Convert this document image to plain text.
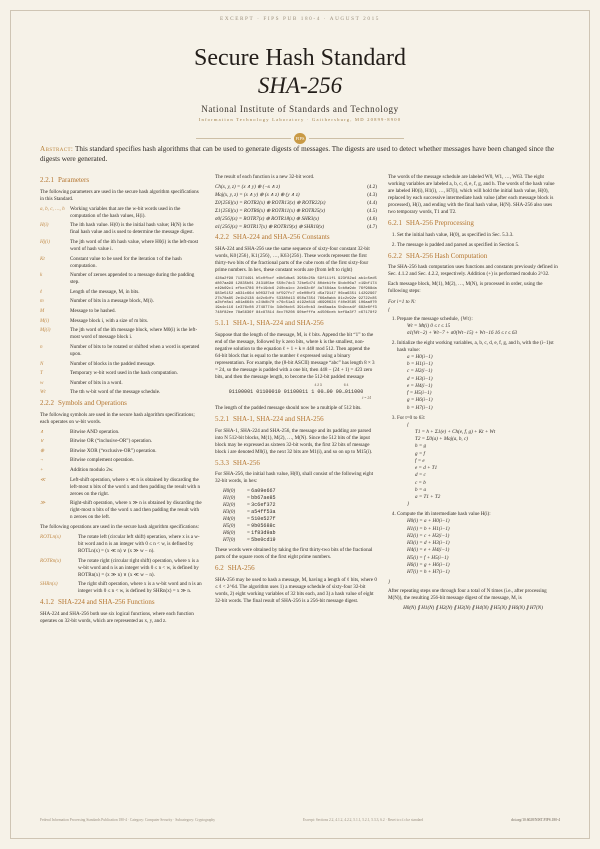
EXCERPT · FIPS PUB 180-4 · AUGUST 2015
Secure Hash Standard
SHA-256
National Institute of Standards and Technology
Information Technology Laboratory · Gaithersburg, MD 20899-8900
FIPS
Abstract: This standard specifies hash algorithms that can be used to generate digests of messages. The digests are used to detect whether messages have been changed since the digests were generated.
2.2.1 Parameters

The following parameters are used in the secure hash algorithm specifications in this Standard.

a, b, c, …, h	Working variables that are the w-bit words used in the computation of the hash values, H(i).
H(i)	The ith hash value. H(0) is the initial hash value; H(N) is the final hash value and is used to determine the message digest.
Hj(i)	The jth word of the ith hash value, where H0(i) is the left-most word of hash value i.
Kt	Constant value to be used for the iteration t of the hash computation.
k	Number of zeroes appended to a message during the padding step.
ℓ	Length of the message, M, in bits.
m	Number of bits in a message block, M(i).
M	Message to be hashed.
M(i)	Message block i, with a size of m bits.
Mj(i)	The jth word of the ith message block, where M0(i) is the left-most word of message block i.
n	Number of bits to be rotated or shifted when a word is operated upon.
N	Number of blocks in the padded message.
T	Temporary w-bit word used in the hash computation.
w	Number of bits in a word.
Wt	The tth w-bit word of the message schedule.
2.2.2 Symbols and Operations

The following symbols are used in the secure hash algorithm specifications; each operates on w-bit words.

∧	Bitwise AND operation.
∨	Bitwise OR (“inclusive-OR”) operation.
⊕	Bitwise XOR (“exclusive-OR”) operation.
¬	Bitwise complement operation.
+	Addition modulo 2w.
≪	Left-shift operation, where x ≪ n is obtained by discarding the left-most n bits of the word x and then padding the result with n zeroes on the right.
≫	Right-shift operation, where x ≫ n is obtained by discarding the right-most n bits of the word x and then padding the result with n zeroes on the left.

The following operations are used in the secure hash algorithm specifications:

ROTLn(x)	The rotate left (circular left shift) operation, where x is a w-bit word and n is an integer with 0 ≤ n < w, is defined by ROTLn(x) = (x ≪ n) ∨ (x ≫ w − n).
ROTRn(x)	The rotate right (circular right shift) operation, where x is a w-bit word and n is an integer with 0 ≤ n < w, is defined by ROTRn(x) = (x ≫ n) ∨ (x ≪ w − n).
SHRn(x)	The right shift operation, where x is a w-bit word and n is an integer with 0 ≤ n < w, is defined by SHRn(x) = x ≫ n.
4.1.2 SHA-224 and SHA-256 Functions

SHA-224 and SHA-256 both use six logical functions, where each function operates on 32-bit words, which are represented as x, y, and z.

The result of each function is a new 32-bit word.

Ch(x, y, z) = (x ∧ y) ⊕ (¬x ∧ z)	(4.2)
Maj(x, y, z) = (x ∧ y) ⊕ (x ∧ z) ⊕ (y ∧ z)	(4.3)
Σ0{256}(x) = ROTR2(x) ⊕ ROTR13(x) ⊕ ROTR22(x)	(4.4)
Σ1{256}(x) = ROTR6(x) ⊕ ROTR11(x) ⊕ ROTR25(x)	(4.5)
σ0{256}(x) = ROTR7(x) ⊕ ROTR18(x) ⊕ SHR3(x)	(4.6)
σ1{256}(x) = ROTR17(x) ⊕ ROTR19(x) ⊕ SHR10(x)	(4.7)
4.2.2 SHA-224 and SHA-256 Constants

SHA-224 and SHA-256 use the same sequence of sixty-four constant 32-bit words, K0{256}, K1{256}, …, K63{256}. These words represent the first thirty-two bits of the fractional parts of the cube roots of the first sixty-four prime numbers. In hex, these constant words are (from left to right)

428a2f98 71374491 b5c0fbcf e9b5dba5 3956c25b 59f111f1 923f82a4 ab1c5ed5 d807aa98 12835b01 243185be 550c7dc3 72be5d74 80deb1fe 9bdc06a7 c19bf174 e49b69c1 efbe4786 0fc19dc6 240ca1cc 2de92c6f 4a7484aa 5cb0a9dc 76f988da 983e5152 a831c66d b00327c8 bf597fc7 c6e00bf3 d5a79147 06ca6351 14292967 27b70a85 2e1b2138 4d2c6dfc 53380d13 650a7354 766a0abb 81c2c92e 92722c85 a2bfe8a1 a81a664b c24b8b70 c76c51a3 d192e819 d6990624 f40e3585 106aa070 19a4c116 1e376c08 2748774c 34b0bcb5 391c0cb3 4ed8aa4a 5b9cca4f 682e6ff3 748f82ee 78a5636f 84c87814 8cc70208 90befffa a4506ceb bef9a3f7 c67178f2
5.1.1 SHA-1, SHA-224 and SHA-256

Suppose that the length of the message, M, is ℓ bits. Append the bit “1” to the end of the message, followed by k zero bits, where k is the smallest, non-negative solution to the equation ℓ + 1 + k ≡ 448 mod 512. Then append the 64-bit block that is equal to the number ℓ expressed using a binary representation. For example, the (8-bit ASCII) message “abc” has length 8 × 3 = 24, so the message is padded with a one bit, then 448 − (24 + 1) = 423 zero bits, and then the message length, to become the 512-bit padded message

423	64
01100001 01100010 01100011 1 00…00 00…011000
ℓ = 24

The length of the padded message should now be a multiple of 512 bits.

5.2.1 SHA-1, SHA-224 and SHA-256

For SHA-1, SHA-224 and SHA-256, the message and its padding are parsed into N 512-bit blocks, M(1), M(2), …, M(N). Since the 512 bits of the input block may be expressed as sixteen 32-bit words, the first 32 bits of message block i are denoted M0(i), the next 32 bits are M1(i), and so on up to M15(i).

5.3.3 SHA-256

For SHA-256, the initial hash value, H(0), shall consist of the following eight 32-bit words, in hex:

H0(0) = 6a09e667
H1(0) = bb67ae85
H2(0) = 3c6ef372
H3(0) = a54ff53a
H4(0) = 510e527f
H5(0) = 9b05688c
H6(0) = 1f83d9ab
H7(0) = 5be0cd19

These words were obtained by taking the first thirty-two bits of the fractional parts of the square roots of the first eight prime numbers.

6.2 SHA-256

SHA-256 may be used to hash a message, M, having a length of ℓ bits, where 0 ≤ ℓ < 2^64. The algorithm uses 1) a message schedule of sixty-four 32-bit words, 2) eight working variables of 32 bits each, and 3) a hash value of eight 32-bit words. The final result of SHA-256 is a 256-bit message digest.

The words of the message schedule are labeled W0, W1, …, W63. The eight working variables are labeled a, b, c, d, e, f, g, and h. The words of the hash value are labeled H0(i), H1(i), …, H7(i), which will hold the initial hash value, H(0), replaced by each successive intermediate hash value (after each message block is processed), H(i), and ending with the final hash value, H(N). SHA-256 also uses two temporary words, T1 and T2.

6.2.1 SHA-256 Preprocessing
1. Set the initial hash value, H(0), as specified in Sec. 5.3.3.
2. The message is padded and parsed as specified in Section 5.
6.2.2 SHA-256 Hash Computation

The SHA-256 hash computation uses functions and constants previously defined in Sec. 4.1.2 and Sec. 4.2.2, respectively. Addition (+) is performed modulo 2^32.

Each message block, M(1), M(2), …, M(N), is processed in order, using the following steps:

For i=1 to N:
{
1. Prepare the message schedule, {Wt}:
Wt = Mt(i) 0 ≤ t ≤ 15
σ1(Wt−2) + Wt−7 + σ0(Wt−15) + Wt−16 16 ≤ t ≤ 63
2. Initialize the eight working variables, a, b, c, d, e, f, g, and h, with the (i−1)st hash value:
a = H0(i−1)
b = H1(i−1)
c = H2(i−1)
d = H3(i−1)
e = H4(i−1)
f = H5(i−1)
g = H6(i−1)
h = H7(i−1)
3. For t=0 to 63:
{
T1 = h + Σ1(e) + Ch(e, f, g) + Kt + Wt
T2 = Σ0(a) + Maj(a, b, c)
h = g
g = f
f = e
e = d + T1
d = c
c = b
b = a
a = T1 + T2
}
4. Compute the ith intermediate hash value H(i):
H0(i) = a + H0(i−1)
H1(i) = b + H1(i−1)
H2(i) = c + H2(i−1)
H3(i) = d + H3(i−1)
H4(i) = e + H4(i−1)
H5(i) = f + H5(i−1)
H6(i) = g + H6(i−1)
H7(i) = h + H7(i−1)
}

After repeating steps one through four a total of N times (i.e., after processing M(N)), the resulting 256-bit message digest of the message, M, is

H0(N) ∥ H1(N) ∥ H2(N) ∥ H3(N) ∥ H4(N) ∥ H5(N) ∥ H6(N) ∥ H7(N)
Federal Information Processing Standards Publication 180-4 · Category: Computer Security · Subcategory: Cryptography	Excerpt: Sections 2.2, 4.1.2, 4.2.2, 5.1.1, 5.2.1, 5.3.3, 6.2 · Reset to r.f.ch.e standard	doi.org/10.6028/NIST.FIPS.180-4
